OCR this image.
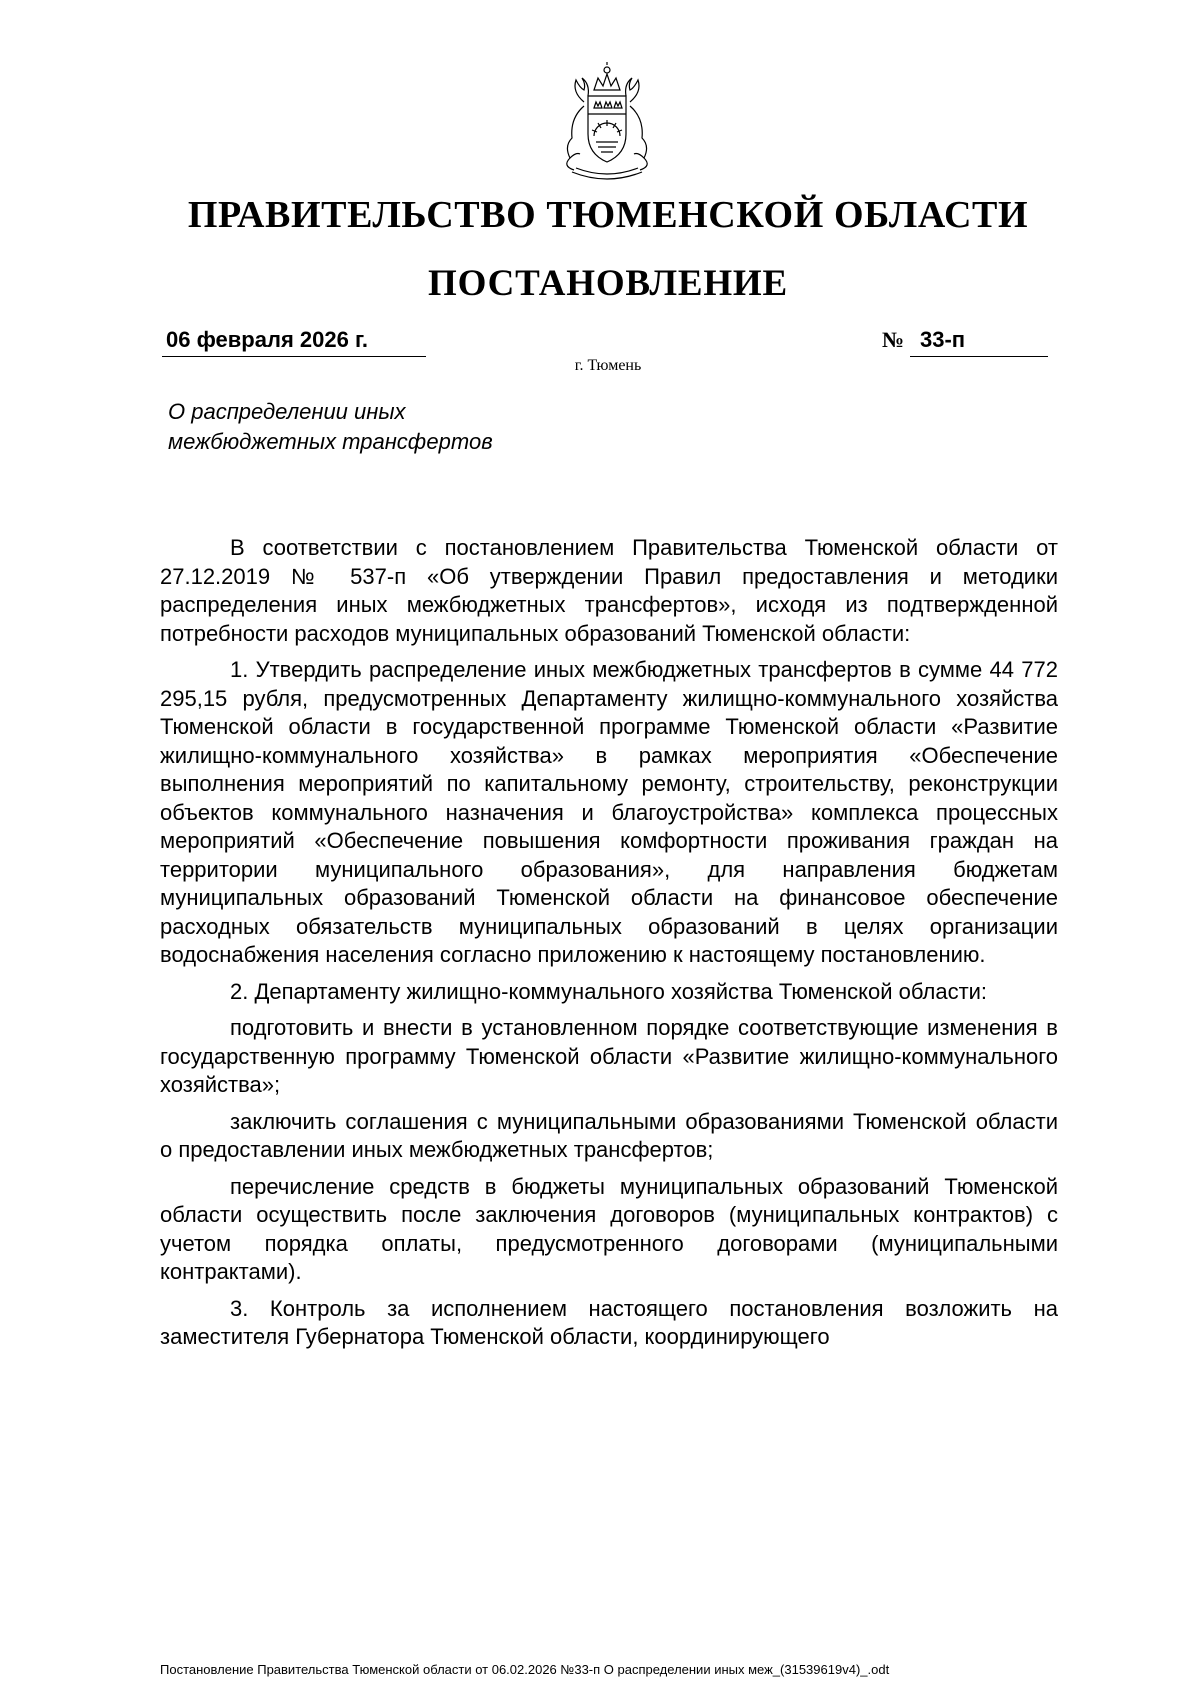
ПРАВИТЕЛЬСТВО ТЮМЕНСКОЙ ОБЛАСТИ
ПОСТАНОВЛЕНИЕ
06 февраля 2026 г.	№ 33-п
г. Тюмень
О распределении иных
межбюджетных трансфертов

В соответствии с постановлением Правительства Тюменской области от 27.12.2019 № 537-п «Об утверждении Правил предоставления и методики распределения иных межбюджетных трансфертов», исходя из подтвержденной потребности расходов муниципальных образований Тюменской области:

1. Утвердить распределение иных межбюджетных трансфертов в сумме 44 772 295,15 рубля, предусмотренных Департаменту жилищно-коммунального хозяйства Тюменской области в государственной программе Тюменской области «Развитие жилищно-коммунального хозяйства» в рамках мероприятия «Обеспечение выполнения мероприятий по капитальному ремонту, строительству, реконструкции объектов коммунального назначения и благоустройства» комплекса процессных мероприятий «Обеспечение повышения комфортности проживания граждан на территории муниципального образования», для направления бюджетам муниципальных образований Тюменской области на финансовое обеспечение расходных обязательств муниципальных образований в целях организации водоснабжения населения согласно приложению к настоящему постановлению.

2. Департаменту жилищно-коммунального хозяйства Тюменской области:

подготовить и внести в установленном порядке соответствующие изменения в государственную программу Тюменской области «Развитие жилищно-коммунального хозяйства»;

заключить соглашения с муниципальными образованиями Тюменской области о предоставлении иных межбюджетных трансфертов;

перечисление средств в бюджеты муниципальных образований Тюменской области осуществить после заключения договоров (муниципальных контрактов) с учетом порядка оплаты, предусмотренного договорами (муниципальными контрактами).

3. Контроль за исполнением настоящего постановления возложить на заместителя Губернатора Тюменской области, координирующего

Постановление Правительства Тюменской области от 06.02.2026 №33-п О распределении иных меж_(31539619v4)_.odt
